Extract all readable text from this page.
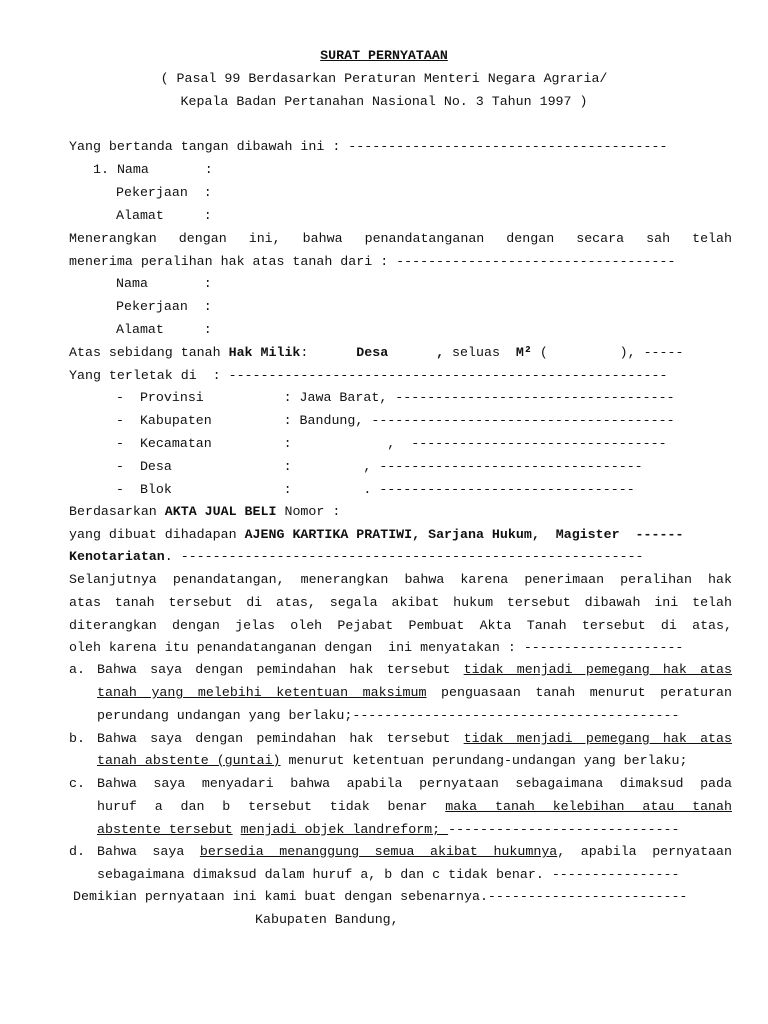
SURAT PERNYATAAN
( Pasal 99 Berdasarkan Peraturan Menteri Negara Agraria/
Kepala Badan Pertanahan Nasional No. 3 Tahun 1997 )
Yang bertanda tangan dibawah ini : ----------------------------------------
1. Nama       :
Pekerjaan  :
Alamat     :
Menerangkan dengan ini, bahwa penandatanganan dengan secara sah telah
menerima peralihan hak atas tanah dari : -----------------------------------
Nama       :
Pekerjaan  :
Alamat     :
Atas sebidang tanah Hak Milik:      Desa      , seluas  M² (         ), -----
Yang terletak di  : -------------------------------------------------------
-  Provinsi          : Jawa Barat, -----------------------------------
-  Kabupaten         : Bandung, --------------------------------------
-  Kecamatan         :            ,  --------------------------------
-  Desa              :         , ---------------------------------
-  Blok              :         . --------------------------------
Berdasarkan AKTA JUAL BELI Nomor :
yang dibuat dihadapan AJENG KARTIKA PRATIWI, Sarjana Hukum,  Magister  ------
Kenotariatan. ----------------------------------------------------------
Selanjutnya penandatangan, menerangkan bahwa karena penerimaan peralihan hak
atas tanah tersebut di atas, segala akibat hukum tersebut dibawah ini telah
diterangkan dengan jelas oleh Pejabat Pembuat Akta Tanah tersebut di atas,
oleh karena itu penandatanganan dengan  ini menyatakan : --------------------
a. Bahwa saya dengan pemindahan hak tersebut tidak menjadi pemegang hak atas
tanah yang melebihi ketentuan maksimum penguasaan tanah menurut peraturan
perundang undangan yang berlaku;-----------------------------------------
b. Bahwa saya dengan pemindahan hak tersebut tidak menjadi pemegang hak atas
tanah abstente (guntai) menurut ketentuan perundang-undangan yang berlaku;
c. Bahwa saya menyadari bahwa apabila pernyataan sebagaimana dimaksud pada
huruf a dan b tersebut tidak benar maka tanah kelebihan atau tanah
abstente tersebut menjadi objek landreform; -----------------------------
d. Bahwa saya bersedia menanggung semua akibat hukumnya, apabila pernyataan
sebagaimana dimaksud dalam huruf a, b dan c tidak benar. ----------------
Demikian pernyataan ini kami buat dengan sebenarnya.-------------------------
Kabupaten Bandung,
